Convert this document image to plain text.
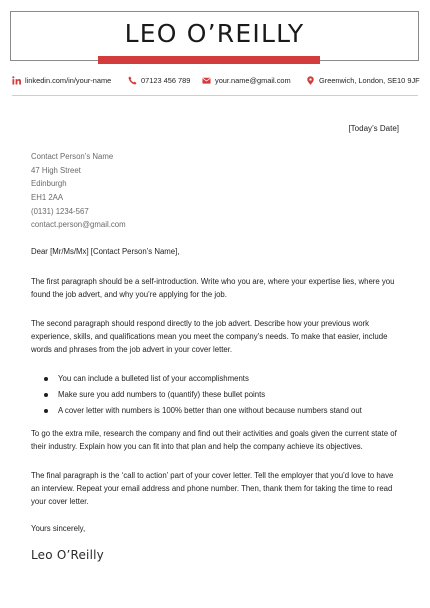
LEO O’REILLY
linkedin.com/in/your-name	07123 456 789	your.name@gmail.com	Greenwich, London, SE10 9JF
[Today’s Date]
Contact Person’s Name
47 High Street
Edinburgh
EH1 2AA
(0131) 1234-567
contact.person@gmail.com
Dear [Mr/Ms/Mx] [Contact Person’s Name],
The first paragraph should be a self-introduction. Write who you are, where your expertise lies, where you found the job advert, and why you’re applying for the job.
The second paragraph should respond directly to the job advert. Describe how your previous work experience, skills, and qualifications mean you meet the company’s needs. To make that easier, include words and phrases from the job advert in your cover letter.
You can include a bulleted list of your accomplishments
Make sure you add numbers to (quantify) these bullet points
A cover letter with numbers is 100% better than one without because numbers stand out
To go the extra mile, research the company and find out their activities and goals given the current state of their industry. Explain how you can fit into that plan and help the company achieve its objectives.
The final paragraph is the ‘call to action’ part of your cover letter. Tell the employer that you’d love to have an interview. Repeat your email address and phone number. Then, thank them for taking the time to read your cover letter.
Yours sincerely,
Leo O’Reilly
